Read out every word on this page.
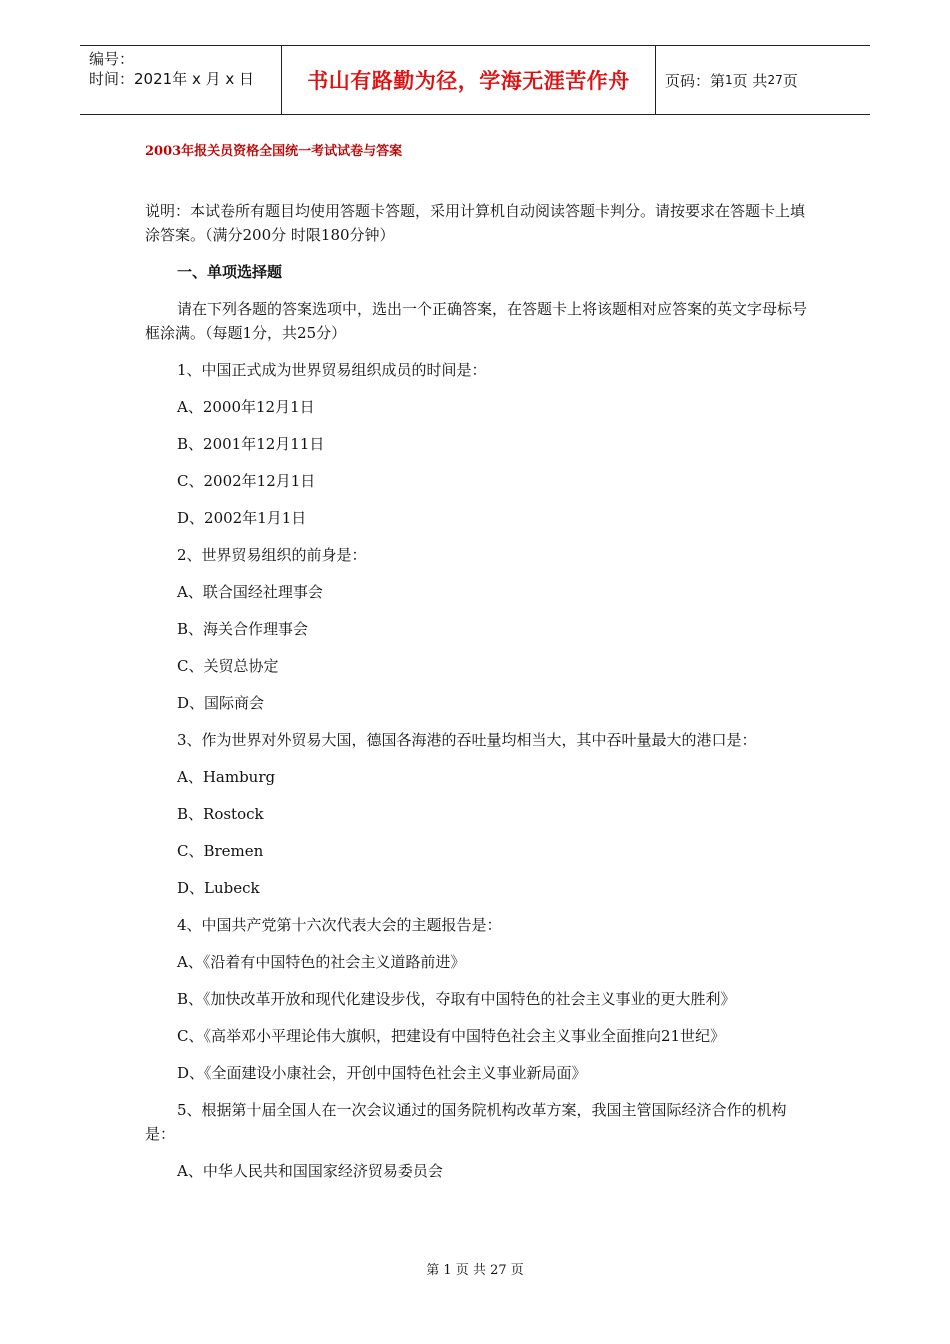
编号：
时间：2021年 x 月 x 日	书山有路勤为径，学海无涯苦作舟 页码：第 1 页 共 27 页
2003年报关员资格全国统一考试试卷与答案

说明：本试卷所有题目均使用答题卡答题，采用计算机自动阅读答题卡判分。请按要求在答题卡上填涂答案。（满分200分 时限180分钟）

一、单项选择题

请在下列各题的答案选项中，选出一个正确答案，在答题卡上将该题相对应答案的英文字母标号框涂满。（每题1分，共25分）

1、中国正式成为世界贸易组织成员的时间是：

A、2000年12月1日

B、2001年12月11日

C、2002年12月1日

D、2002年1月1日

2、世界贸易组织的前身是：

A、联合国经社理事会

B、海关合作理事会

C、关贸总协定

D、国际商会

3、作为世界对外贸易大国，德国各海港的吞吐量均相当大，其中吞叶量最大的港口是：

A、Hamburg

B、Rostock

C、Bremen

D、Lubeck

4、中国共产党第十六次代表大会的主题报告是：

A、《沿着有中国特色的社会主义道路前进》

B、《加快改革开放和现代化建设步伐，夺取有中国特色的社会主义事业的更大胜利》

C、《高举邓小平理论伟大旗帜，把建设有中国特色社会主义事业全面推向21世纪》

D、《全面建设小康社会，开创中国特色社会主义事业新局面》

5、根据第十届全国人在一次会议通过的国务院机构改革方案，我国主管国际经济合作的机构是：

A、中华人民共和国国家经济贸易委员会

第 1 页 共 27 页
